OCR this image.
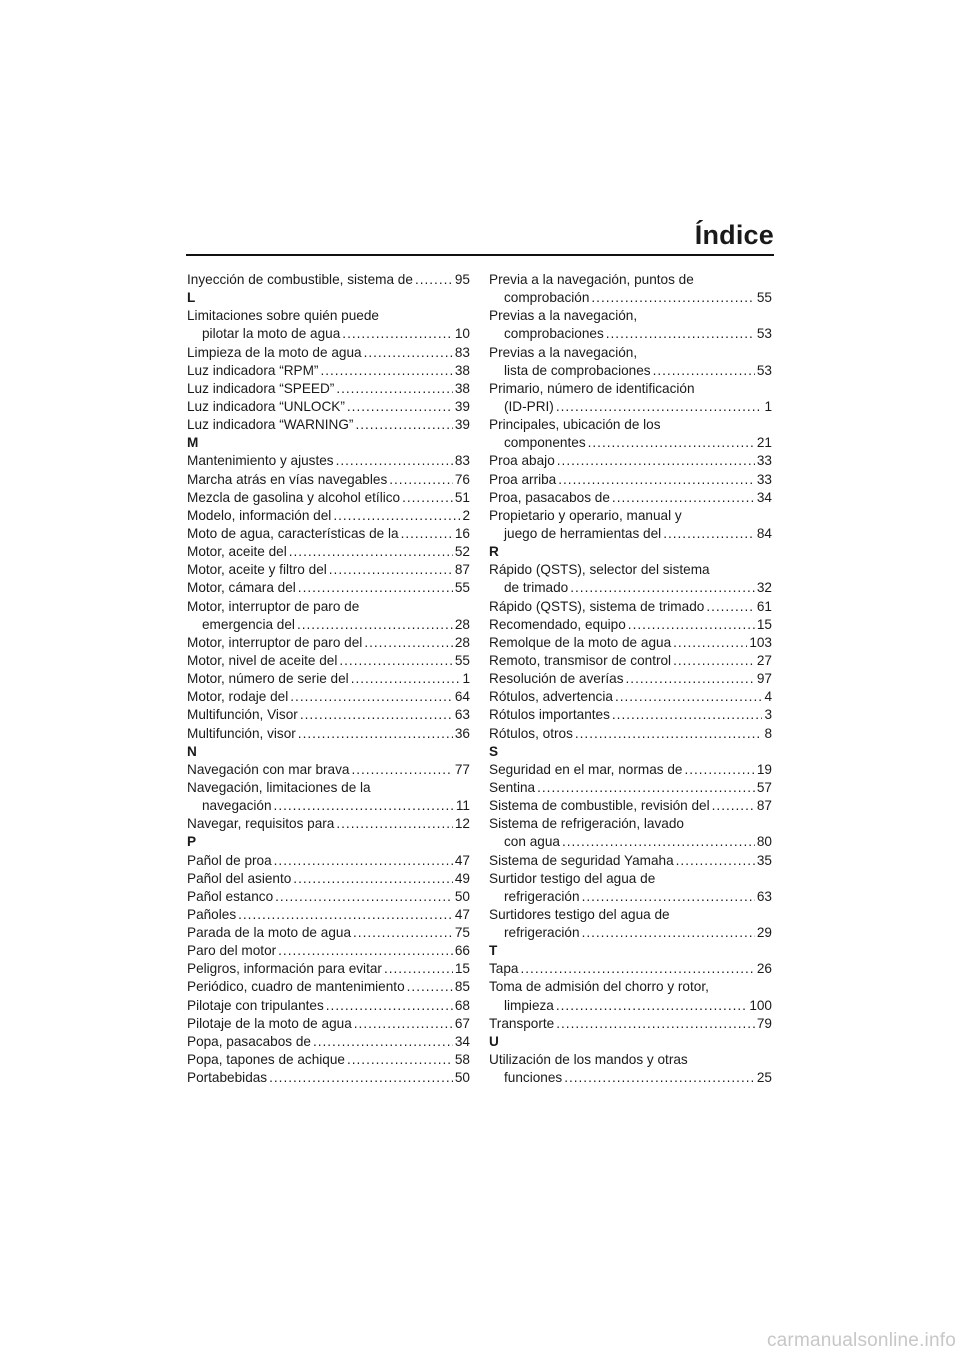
Índice
Inyección de combustible, sistema de .....	95
L
Limitaciones sobre quién puede
pilotar la moto de agua .....	10
Limpieza de la moto de agua .....	83
Luz indicadora “RPM” .....	38
Luz indicadora “SPEED” .....	38
Luz indicadora “UNLOCK” .....	39
Luz indicadora “WARNING” .....	39
M
Mantenimiento y ajustes .....	83
Marcha atrás en vías navegables .....	76
Mezcla de gasolina y alcohol etílico .....	51
Modelo, información del .....	2
Moto de agua, características de la .....	16
Motor, aceite del .....	52
Motor, aceite y filtro del .....	87
Motor, cámara del .....	55
Motor, interruptor de paro de
emergencia del .....	28
Motor, interruptor de paro del .....	28
Motor, nivel de aceite del .....	55
Motor, número de serie del .....	1
Motor, rodaje del .....	64
Multifunción, Visor .....	63
Multifunción, visor .....	36
N
Navegación con mar brava .....	77
Navegación, limitaciones de la
navegación .....	11
Navegar, requisitos para .....	12
P
Pañol de proa .....	47
Pañol del asiento .....	49
Pañol estanco .....	50
Pañoles .....	47
Parada de la moto de agua .....	75
Paro del motor .....	66
Peligros, información para evitar .....	15
Periódico, cuadro de mantenimiento .....	85
Pilotaje con tripulantes .....	68
Pilotaje de la moto de agua .....	67
Popa, pasacabos de .....	34
Popa, tapones de achique .....	58
Portabebidas .....	50
Previa a la navegación, puntos de
comprobación .....	55
Previas a la navegación,
comprobaciones .....	53
Previas a la navegación,
lista de comprobaciones .....	53
Primario, número de identificación
(ID-PRI) .....	1
Principales, ubicación de los
componentes .....	21
Proa abajo .....	33
Proa arriba .....	33
Proa, pasacabos de .....	34
Propietario y operario, manual y
juego de herramientas del .....	84
R
Rápido (QSTS), selector del sistema
de trimado .....	32
Rápido (QSTS), sistema de trimado .....	61
Recomendado, equipo .....	15
Remolque de la moto de agua .....	103
Remoto, transmisor de control .....	27
Resolución de averías .....	97
Rótulos, advertencia .....	4
Rótulos importantes .....	3
Rótulos, otros .....	8
S
Seguridad en el mar, normas de .....	19
Sentina .....	57
Sistema de combustible, revisión del .....	87
Sistema de refrigeración, lavado
con agua .....	80
Sistema de seguridad Yamaha .....	35
Surtidor testigo del agua de
refrigeración .....	63
Surtidores testigo del agua de
refrigeración .....	29
T
Tapa .....	26
Toma de admisión del chorro y rotor,
limpieza .....	100
Transporte .....	79
U
Utilización de los mandos y otras
funciones .....	25
carmanualsonline.info
